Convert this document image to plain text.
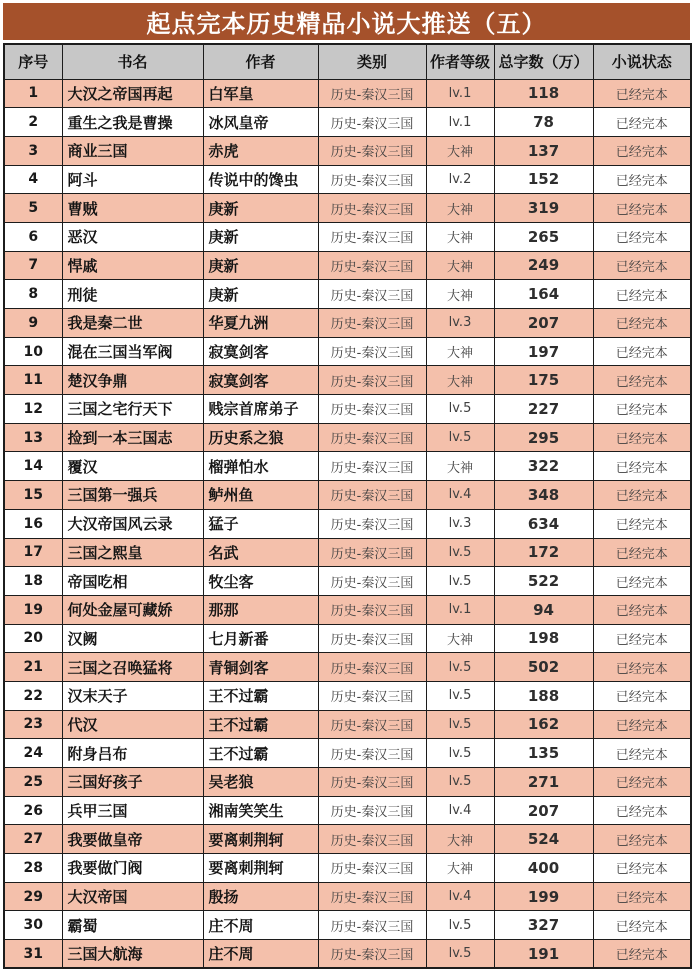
起点完本历史精品小说大推送（五）
序号	书名	作者	类别	作者等级	总字数（万）	小说状态
1	大汉之帝国再起	白军皇	历史-秦汉三国	lv.1	118	已经完本
2	重生之我是曹操	冰风皇帝	历史-秦汉三国	lv.1	78	已经完本
3	商业三国	赤虎	历史-秦汉三国	大神	137	已经完本
4	阿斗	传说中的馋虫	历史-秦汉三国	lv.2	152	已经完本
5	曹贼	庚新	历史-秦汉三国	大神	319	已经完本
6	恶汉	庚新	历史-秦汉三国	大神	265	已经完本
7	悍戚	庚新	历史-秦汉三国	大神	249	已经完本
8	刑徒	庚新	历史-秦汉三国	大神	164	已经完本
9	我是秦二世	华夏九洲	历史-秦汉三国	lv.3	207	已经完本
10	混在三国当军阀	寂寞剑客	历史-秦汉三国	大神	197	已经完本
11	楚汉争鼎	寂寞剑客	历史-秦汉三国	大神	175	已经完本
12	三国之宅行天下	贱宗首席弟子	历史-秦汉三国	lv.5	227	已经完本
13	捡到一本三国志	历史系之狼	历史-秦汉三国	lv.5	295	已经完本
14	覆汉	榴弹怕水	历史-秦汉三国	大神	322	已经完本
15	三国第一强兵	鲈州鱼	历史-秦汉三国	lv.4	348	已经完本
16	大汉帝国风云录	猛子	历史-秦汉三国	lv.3	634	已经完本
17	三国之熙皇	名武	历史-秦汉三国	lv.5	172	已经完本
18	帝国吃相	牧尘客	历史-秦汉三国	lv.5	522	已经完本
19	何处金屋可藏娇	那那	历史-秦汉三国	lv.1	94	已经完本
20	汉阙	七月新番	历史-秦汉三国	大神	198	已经完本
21	三国之召唤猛将	青铜剑客	历史-秦汉三国	lv.5	502	已经完本
22	汉末天子	王不过霸	历史-秦汉三国	lv.5	188	已经完本
23	代汉	王不过霸	历史-秦汉三国	lv.5	162	已经完本
24	附身吕布	王不过霸	历史-秦汉三国	lv.5	135	已经完本
25	三国好孩子	吴老狼	历史-秦汉三国	lv.5	271	已经完本
26	兵甲三国	湘南笑笑生	历史-秦汉三国	lv.4	207	已经完本
27	我要做皇帝	要离刺荆轲	历史-秦汉三国	大神	524	已经完本
28	我要做门阀	要离刺荆轲	历史-秦汉三国	大神	400	已经完本
29	大汉帝国	殷扬	历史-秦汉三国	lv.4	199	已经完本
30	霸蜀	庄不周	历史-秦汉三国	lv.5	327	已经完本
31	三国大航海	庄不周	历史-秦汉三国	lv.5	191	已经完本
